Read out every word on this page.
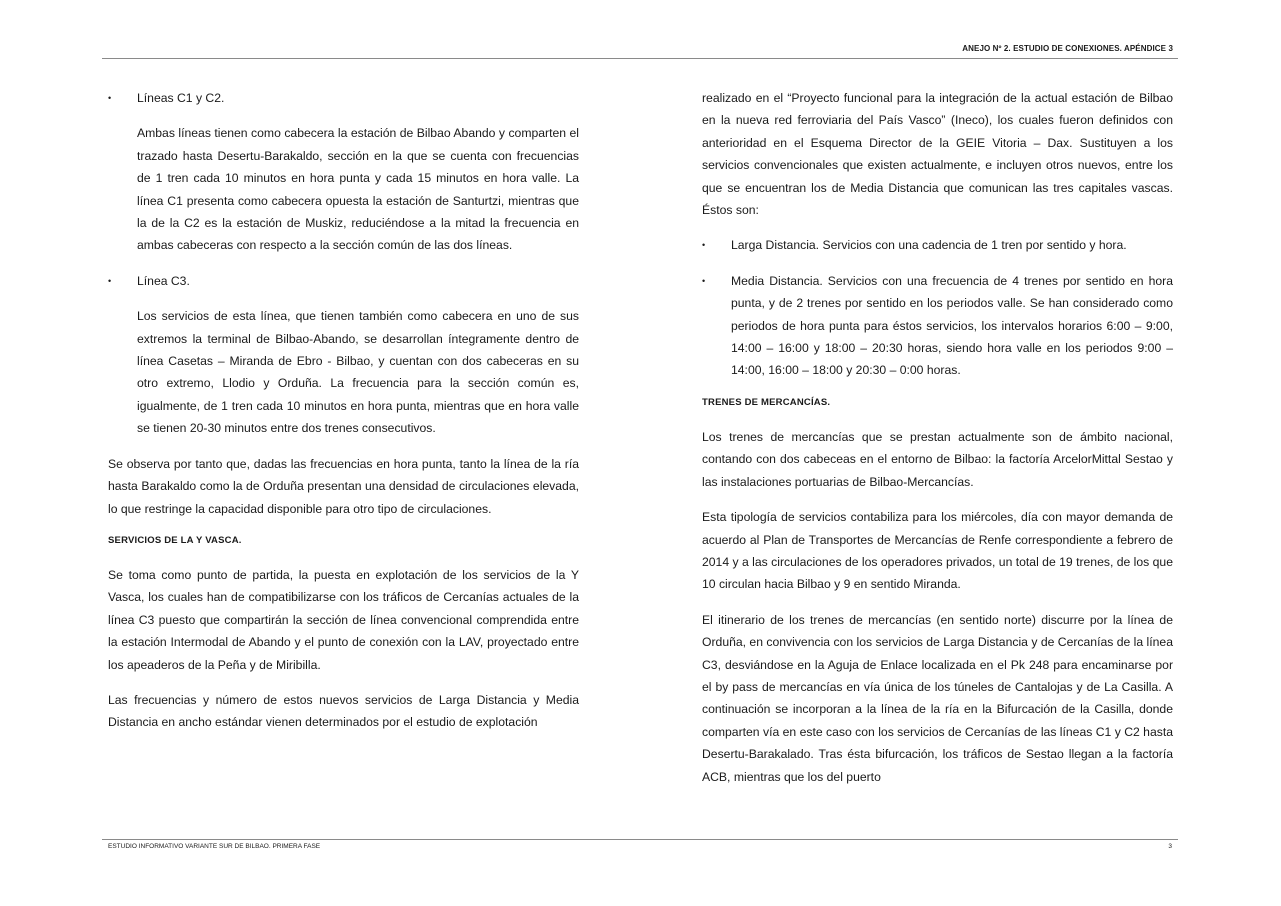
ANEJO Nº 2. ESTUDIO DE CONEXIONES. APÉNDICE 3
• Líneas C1 y C2.

Ambas líneas tienen como cabecera la estación de Bilbao Abando y comparten el trazado hasta Desertu-Barakaldo, sección en la que se cuenta con frecuencias de 1 tren cada 10 minutos en hora punta y cada 15 minutos en hora valle. La línea C1 presenta como cabecera opuesta la estación de Santurtzi, mientras que la de la C2 es la estación de Muskiz, reduciéndose a la mitad la frecuencia en ambas cabeceras con respecto a la sección común de las dos líneas.

• Línea C3.

Los servicios de esta línea, que tienen también como cabecera en uno de sus extremos la terminal de Bilbao-Abando, se desarrollan íntegramente dentro de línea Casetas – Miranda de Ebro - Bilbao, y cuentan con dos cabeceras en su otro extremo, Llodio y Orduña. La frecuencia para la sección común es, igualmente, de 1 tren cada 10 minutos en hora punta, mientras que en hora valle se tienen 20-30 minutos entre dos trenes consecutivos.

Se observa por tanto que, dadas las frecuencias en hora punta, tanto la línea de la ría hasta Barakaldo como la de Orduña presentan una densidad de circulaciones elevada, lo que restringe la capacidad disponible para otro tipo de circulaciones.

SERVICIOS DE LA Y VASCA.

Se toma como punto de partida, la puesta en explotación de los servicios de la Y Vasca, los cuales han de compatibilizarse con los tráficos de Cercanías actuales de la línea C3 puesto que compartirán la sección de línea convencional comprendida entre la estación Intermodal de Abando y el punto de conexión con la LAV, proyectado entre los apeaderos de la Peña y de Miribilla.

Las frecuencias y número de estos nuevos servicios de Larga Distancia y Media Distancia en ancho estándar vienen determinados por el estudio de explotación

realizado en el “Proyecto funcional para la integración de la actual estación de Bilbao en la nueva red ferroviaria del País Vasco” (Ineco), los cuales fueron definidos con anterioridad en el Esquema Director de la GEIE Vitoria – Dax. Sustituyen a los servicios convencionales que existen actualmente, e incluyen otros nuevos, entre los que se encuentran los de Media Distancia que comunican las tres capitales vascas. Éstos son:

• Larga Distancia. Servicios con una cadencia de 1 tren por sentido y hora.
• Media Distancia. Servicios con una frecuencia de 4 trenes por sentido en hora punta, y de 2 trenes por sentido en los periodos valle. Se han considerado como periodos de hora punta para éstos servicios, los intervalos horarios 6:00 – 9:00, 14:00 – 16:00 y 18:00 – 20:30 horas, siendo hora valle en los periodos 9:00 – 14:00, 16:00 – 18:00 y 20:30 – 0:00 horas.
TRENES DE MERCANCÍAS.

Los trenes de mercancías que se prestan actualmente son de ámbito nacional, contando con dos cabeceas en el entorno de Bilbao: la factoría ArcelorMittal Sestao y las instalaciones portuarias de Bilbao-Mercancías.

Esta tipología de servicios contabiliza para los miércoles, día con mayor demanda de acuerdo al Plan de Transportes de Mercancías de Renfe correspondiente a febrero de 2014 y a las circulaciones de los operadores privados, un total de 19 trenes, de los que 10 circulan hacia Bilbao y 9 en sentido Miranda.

El itinerario de los trenes de mercancías (en sentido norte) discurre por la línea de Orduña, en convivencia con los servicios de Larga Distancia y de Cercanías de la línea C3, desviándose en la Aguja de Enlace localizada en el Pk 248 para encaminarse por el by pass de mercancías en vía única de los túneles de Cantalojas y de La Casilla. A continuación se incorporan a la línea de la ría en la Bifurcación de la Casilla, donde comparten vía en este caso con los servicios de Cercanías de las líneas C1 y C2 hasta Desertu-Barakalado. Tras ésta bifurcación, los tráficos de Sestao llegan a la factoría ACB, mientras que los del puerto

ESTUDIO INFORMATIVO VARIANTE SUR DE BILBAO. PRIMERA FASE	3
